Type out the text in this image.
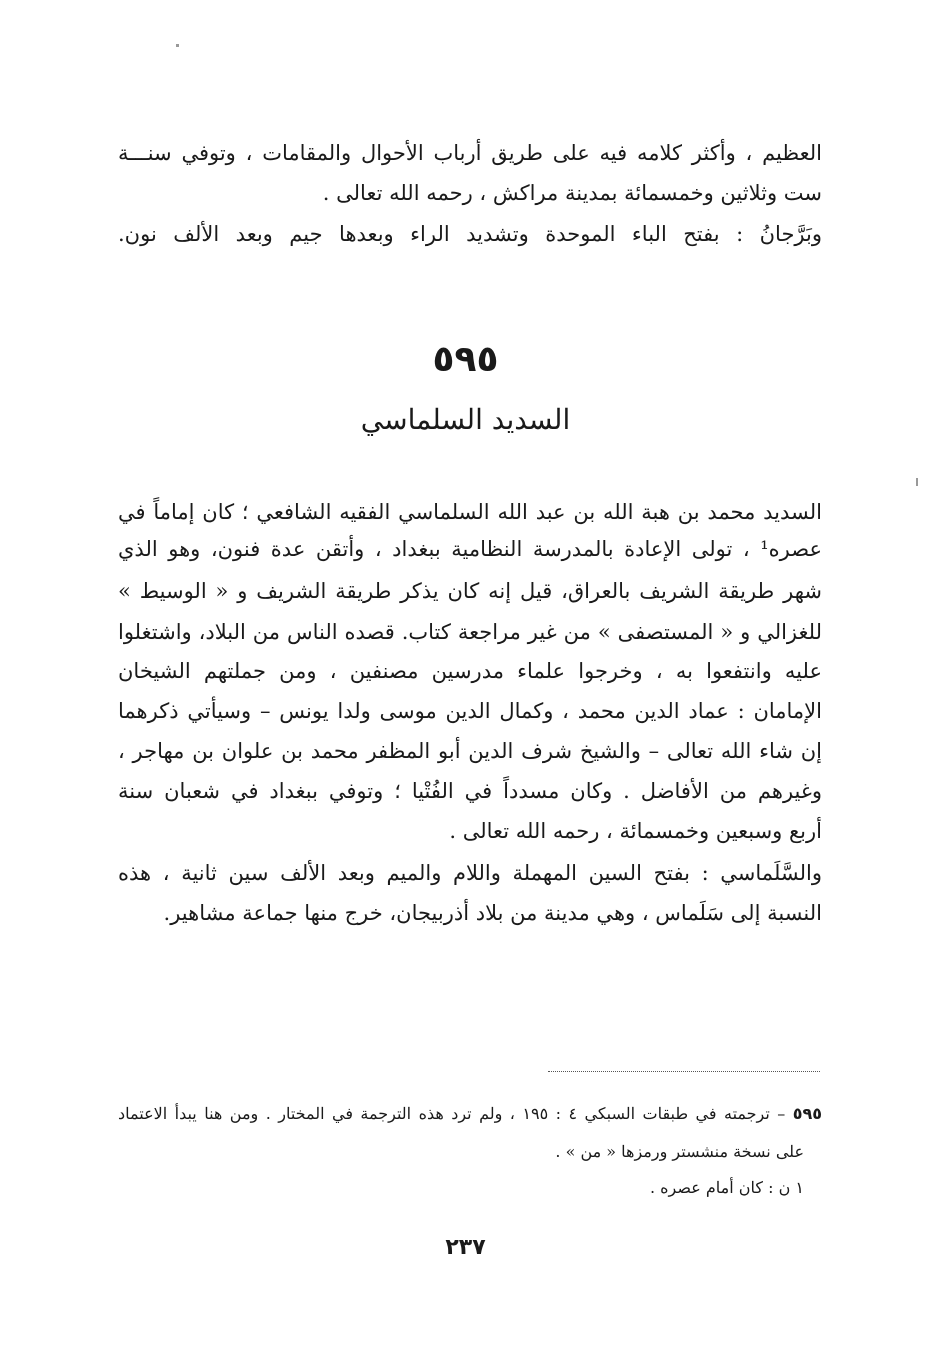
العظيم ، وأكثر كلامه فيه على طريق أرباب الأحوال والمقامات ، وتوفي سنـــة
ست وثلاثين وخمسمائة بمدينة مراكش ، رحمه الله تعالى .
وبَرَّجانُ : بفتح الباء الموحدة وتشديد الراء وبعدها جيم وبعد الألف نون.
٥٩٥
السديد السلماسي
السديد محمد بن هبة الله بن عبد الله السلماسي الفقيه الشافعي ؛ كان إماماً في
عصره¹ ، تولى الإعادة بالمدرسة النظامية ببغداد ، وأتقن عدة فنون، وهو الذي
شهر طريقة الشريف بالعراق، قيل إنه كان يذكر طريقة الشريف و « الوسيط »
للغزالي و « المستصفى » من غير مراجعة كتاب. قصده الناس من البلاد، واشتغلوا
عليه وانتفعوا به ، وخرجوا علماء مدرسين مصنفين ، ومن جملتهم الشيخان
الإمامان : عماد الدين محمد ، وكمال الدين موسى ولدا يونس – وسيأتي ذكرهما
إن شاء الله تعالى – والشيخ شرف الدين أبو المظفر محمد بن علوان بن مهاجر ،
وغيرهم من الأفاضل . وكان مسدداً في الفُتْيا ؛ وتوفي ببغداد في شعبان سنة
أربع وسبعين وخمسمائة ، رحمه الله تعالى .
والسَّلَماسي : بفتح السين المهملة واللام والميم وبعد الألف سين ثانية ، هذه
النسبة إلى سَلَماس ، وهي مدينة من بلاد أذربيجان، خرج منها جماعة مشاهير.
٥٩٥ – ترجمته في طبقات السبكي ٤ : ١٩٥ ، ولم ترد هذه الترجمة في المختار . ومن هنا يبدأ الاعتماد
على نسخة منشستر ورمزها « من » .
١ ن : كان أمام عصره .
٢٣٧
